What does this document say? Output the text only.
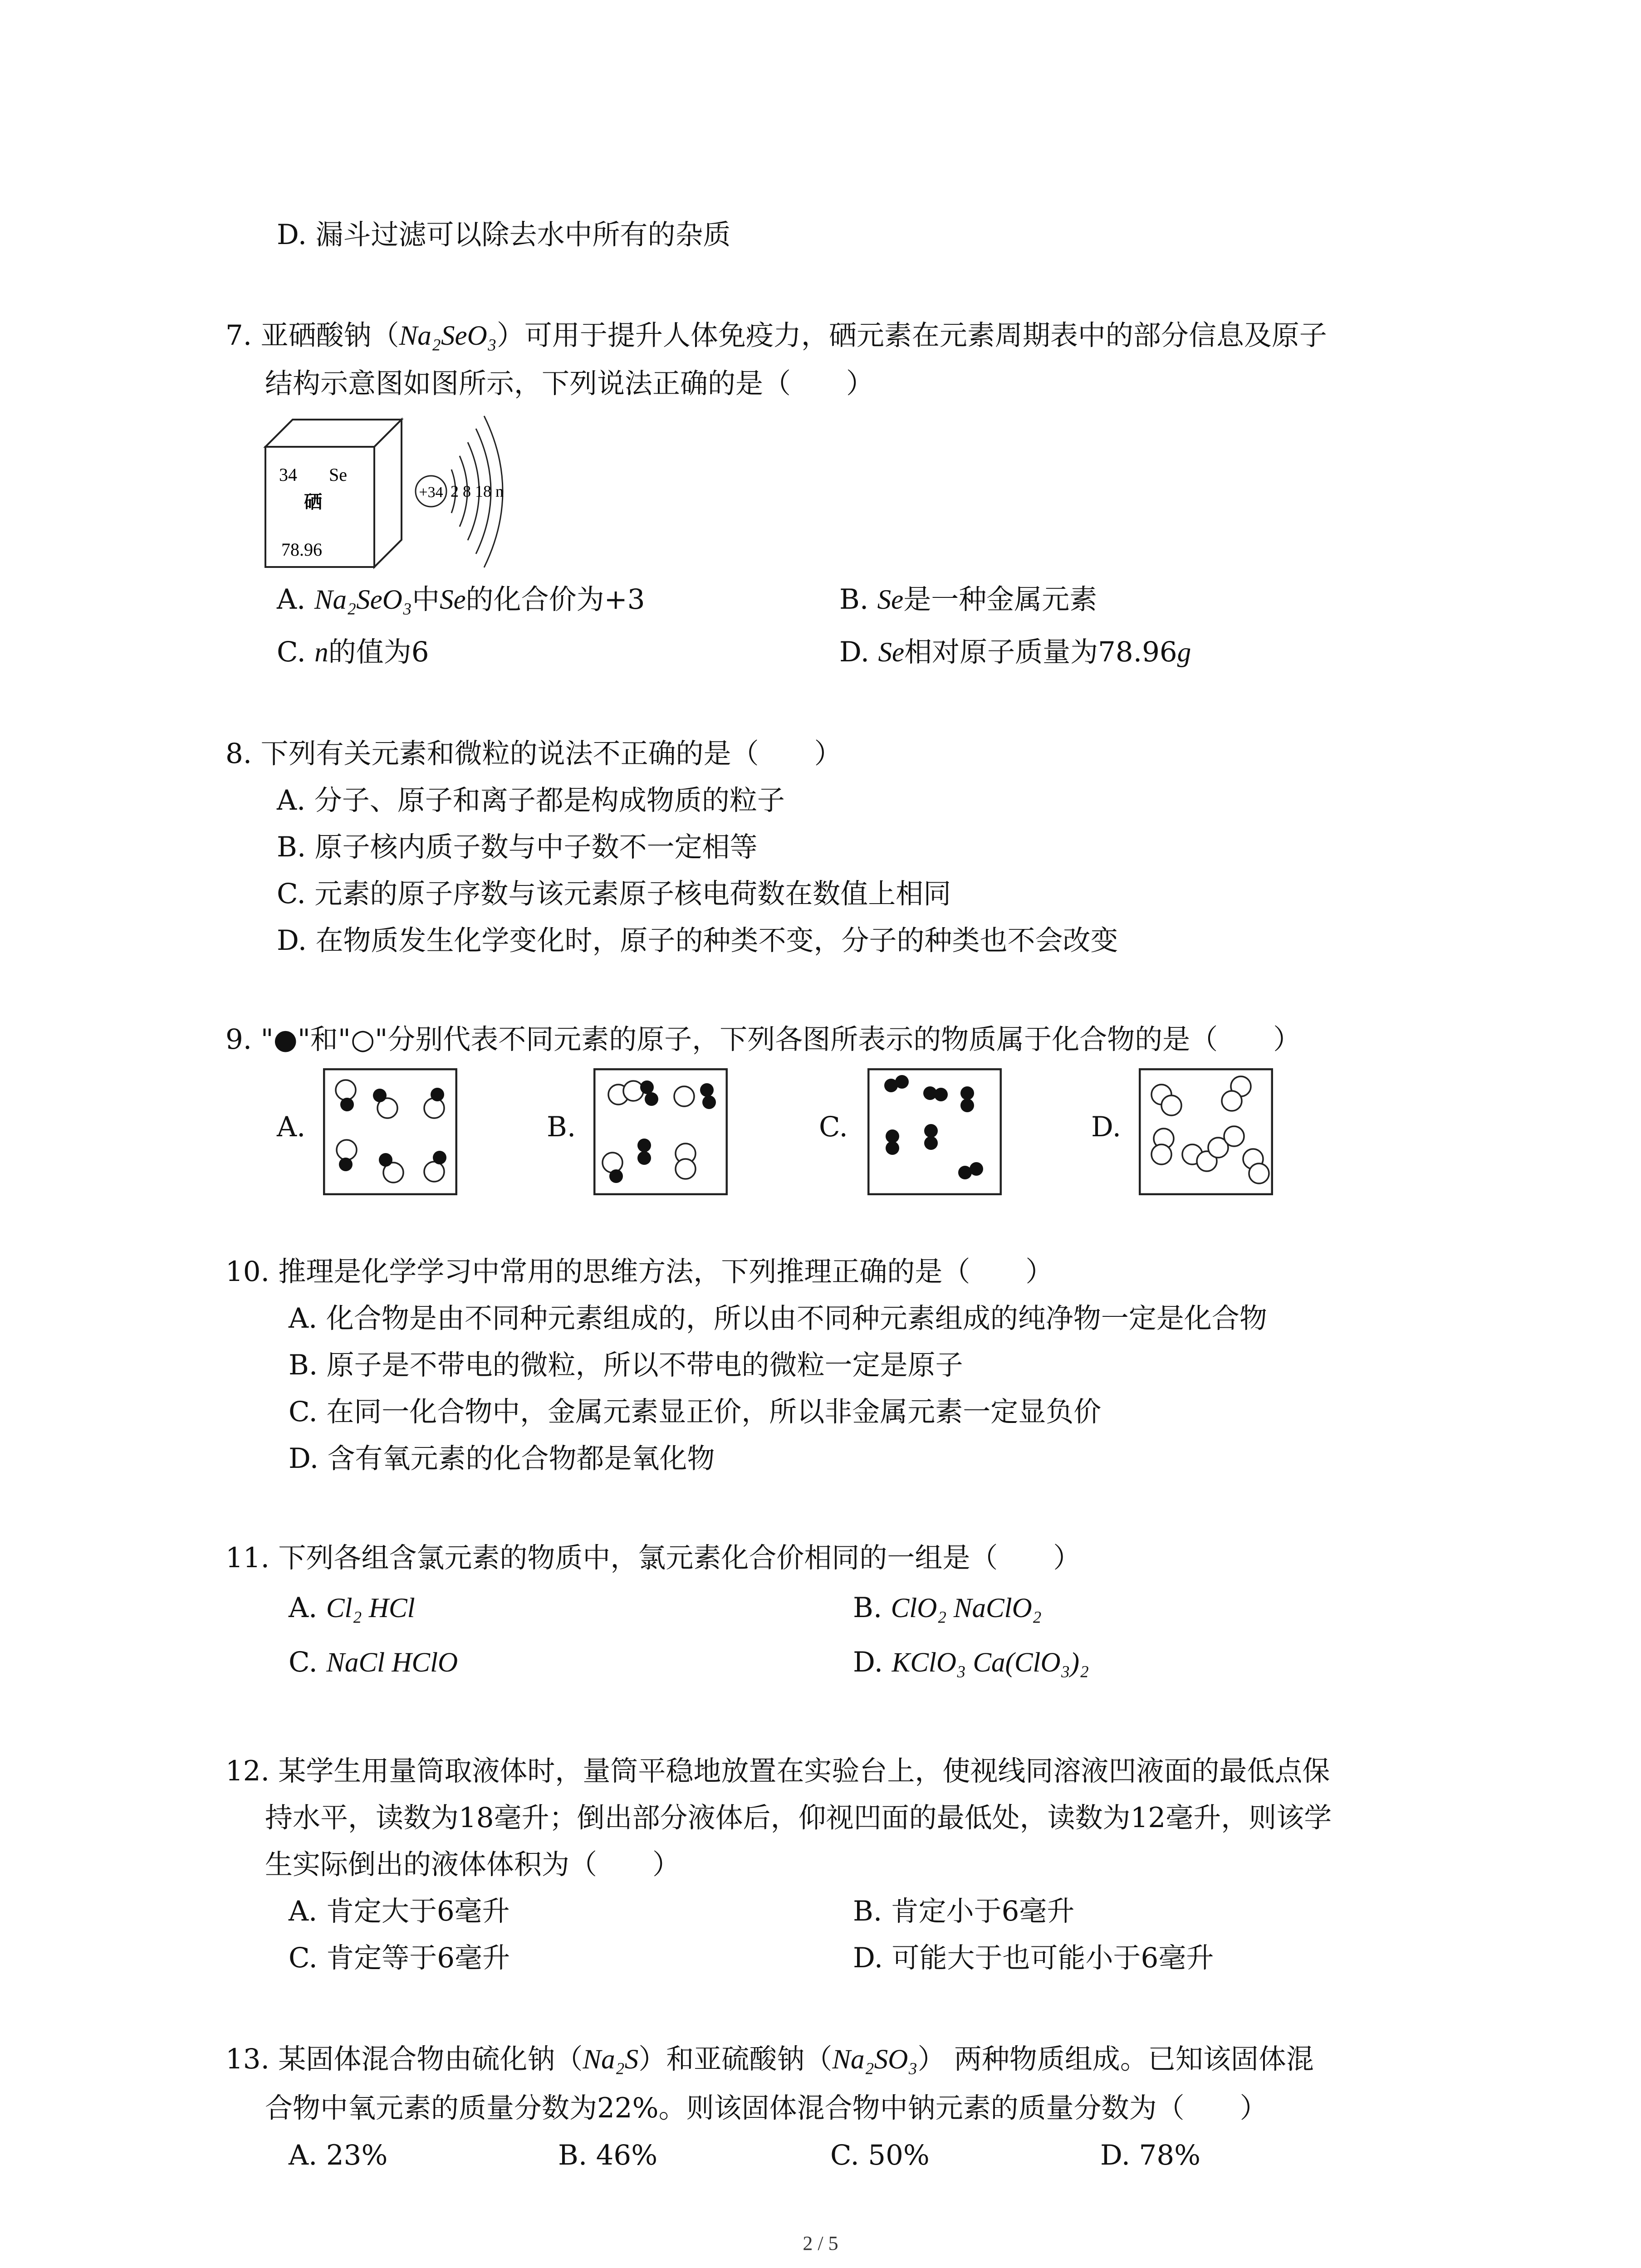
D. 漏斗过滤可以除去水中所有的杂质
7. 亚硒酸钠（Na₂SeO₃）可用于提升人体免疫力，硒元素在元素周期表中的部分信息及原子
结构示意图如图所示，下列说法正确的是（　　）
34 Se
硒
78.96
+34 2 8 18 n
A. Na₂SeO₃中Se的化合价为+3	B. Se是一种金属元素
C. n的值为6	D. Se相对原子质量为78.96g
8. 下列有关元素和微粒的说法不正确的是（　　）
A. 分子、原子和离子都是构成物质的粒子
B. 原子核内质子数与中子数不一定相等
C. 元素的原子序数与该元素原子核电荷数在数值上相同
D. 在物质发生化学变化时，原子的种类不变，分子的种类也不会改变
9. "●"和"○"分别代表不同元素的原子，下列各图所表示的物质属于化合物的是（　　）
A.	B.	C.	D.
10. 推理是化学学习中常用的思维方法，下列推理正确的是（　　）
A. 化合物是由不同种元素组成的，所以由不同种元素组成的纯净物一定是化合物
B. 原子是不带电的微粒，所以不带电的微粒一定是原子
C. 在同一化合物中，金属元素显正价，所以非金属元素一定显负价
D. 含有氧元素的化合物都是氧化物
11. 下列各组含氯元素的物质中，氯元素化合价相同的一组是（　　）
A. Cl₂ HCl	B. ClO₂ NaClO₂
C. NaCl HClO	D. KClO₃ Ca(ClO₃)₂
12. 某学生用量筒取液体时，量筒平稳地放置在实验台上，使视线同溶液凹液面的最低点保
持水平，读数为18毫升；倒出部分液体后，仰视凹面的最低处，读数为12毫升，则该学
生实际倒出的液体体积为（　　）
A. 肯定大于6毫升	B. 肯定小于6毫升
C. 肯定等于6毫升	D. 可能大于也可能小于6毫升
13. 某固体混合物由硫化钠（Na₂S）和亚硫酸钠（Na₂SO₃） 两种物质组成。已知该固体混
合物中氧元素的质量分数为22%。则该固体混合物中钠元素的质量分数为（　　）
A. 23%	B. 46%	C. 50%	D. 78%
2 / 5
